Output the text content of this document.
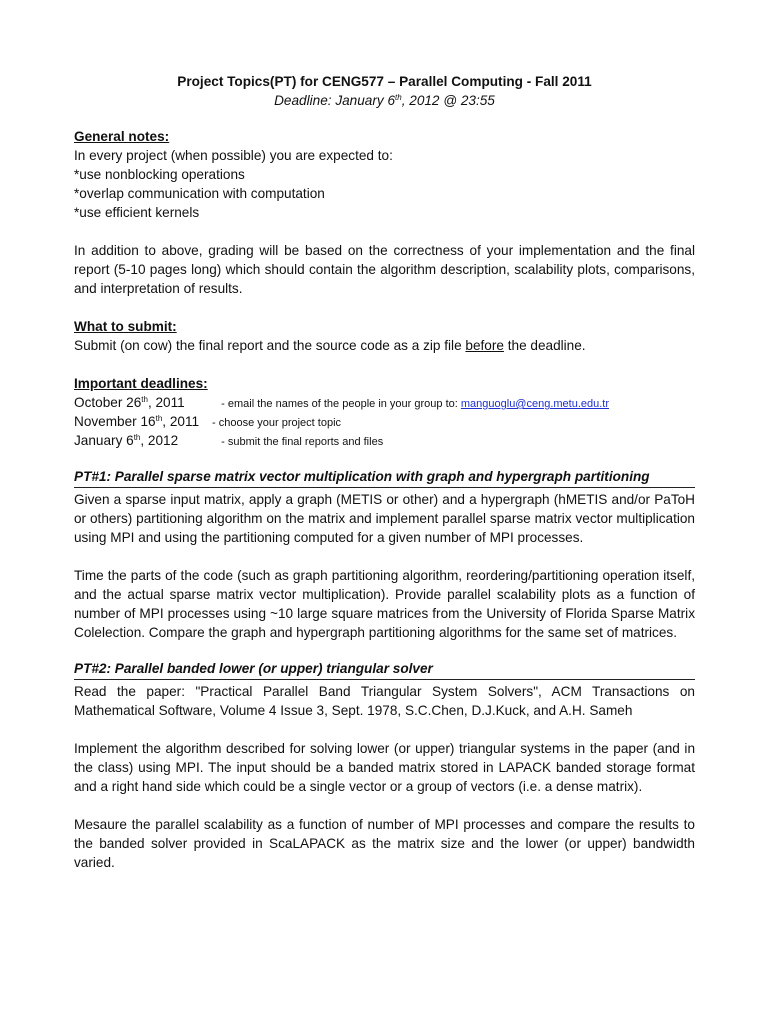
Project Topics(PT) for CENG577 – Parallel Computing - Fall 2011
Deadline: January 6th, 2012 @ 23:55
General notes:
In every project (when possible) you are expected to:
*use nonblocking operations
*overlap communication with computation
*use efficient kernels
In addition to above, grading will be based on the correctness of your implementation and the final report (5-10 pages long) which should contain the algorithm description, scalability plots, comparisons, and interpretation of results.
What to submit:
Submit (on cow) the final report and the source code as a zip file before the deadline.
Important deadlines:
October 26th, 2011	- email the names of the people in your group to: manguoglu@ceng.metu.edu.tr
November 16th, 2011	- choose your project topic
January 6th, 2012	- submit the final reports and files
PT#1: Parallel sparse matrix vector multiplication with graph and hypergraph partitioning
Given a sparse input matrix, apply a graph (METIS or other) and a hypergraph (hMETIS and/or PaToH or others) partitioning algorithm on the matrix and implement parallel sparse matrix vector multiplication using MPI and using the partitioning computed for a given number of MPI processes.
Time the parts of the code (such as graph partitioning algorithm, reordering/partitioning operation itself, and the actual sparse matrix vector multiplication). Provide parallel scalability plots as a function of number of MPI processes using ~10 large square matrices from the University of Florida Sparse Matrix Colelection. Compare the graph and hypergraph partitioning algorithms for the same set of matrices.
PT#2: Parallel banded lower (or upper) triangular solver
Read the paper: "Practical Parallel Band Triangular System Solvers", ACM Transactions on Mathematical Software, Volume 4 Issue 3, Sept. 1978, S.C.Chen, D.J.Kuck, and A.H. Sameh
Implement the algorithm described for solving lower (or upper) triangular systems in the paper (and in the class) using MPI. The input should be a banded matrix stored in LAPACK banded storage format and a right hand side which could be a single vector or a group of vectors (i.e. a dense matrix).
Mesaure the parallel scalability as a function of number of MPI processes and compare the results to the banded solver provided in ScaLAPACK as the matrix size and the lower (or upper) bandwidth varied.
